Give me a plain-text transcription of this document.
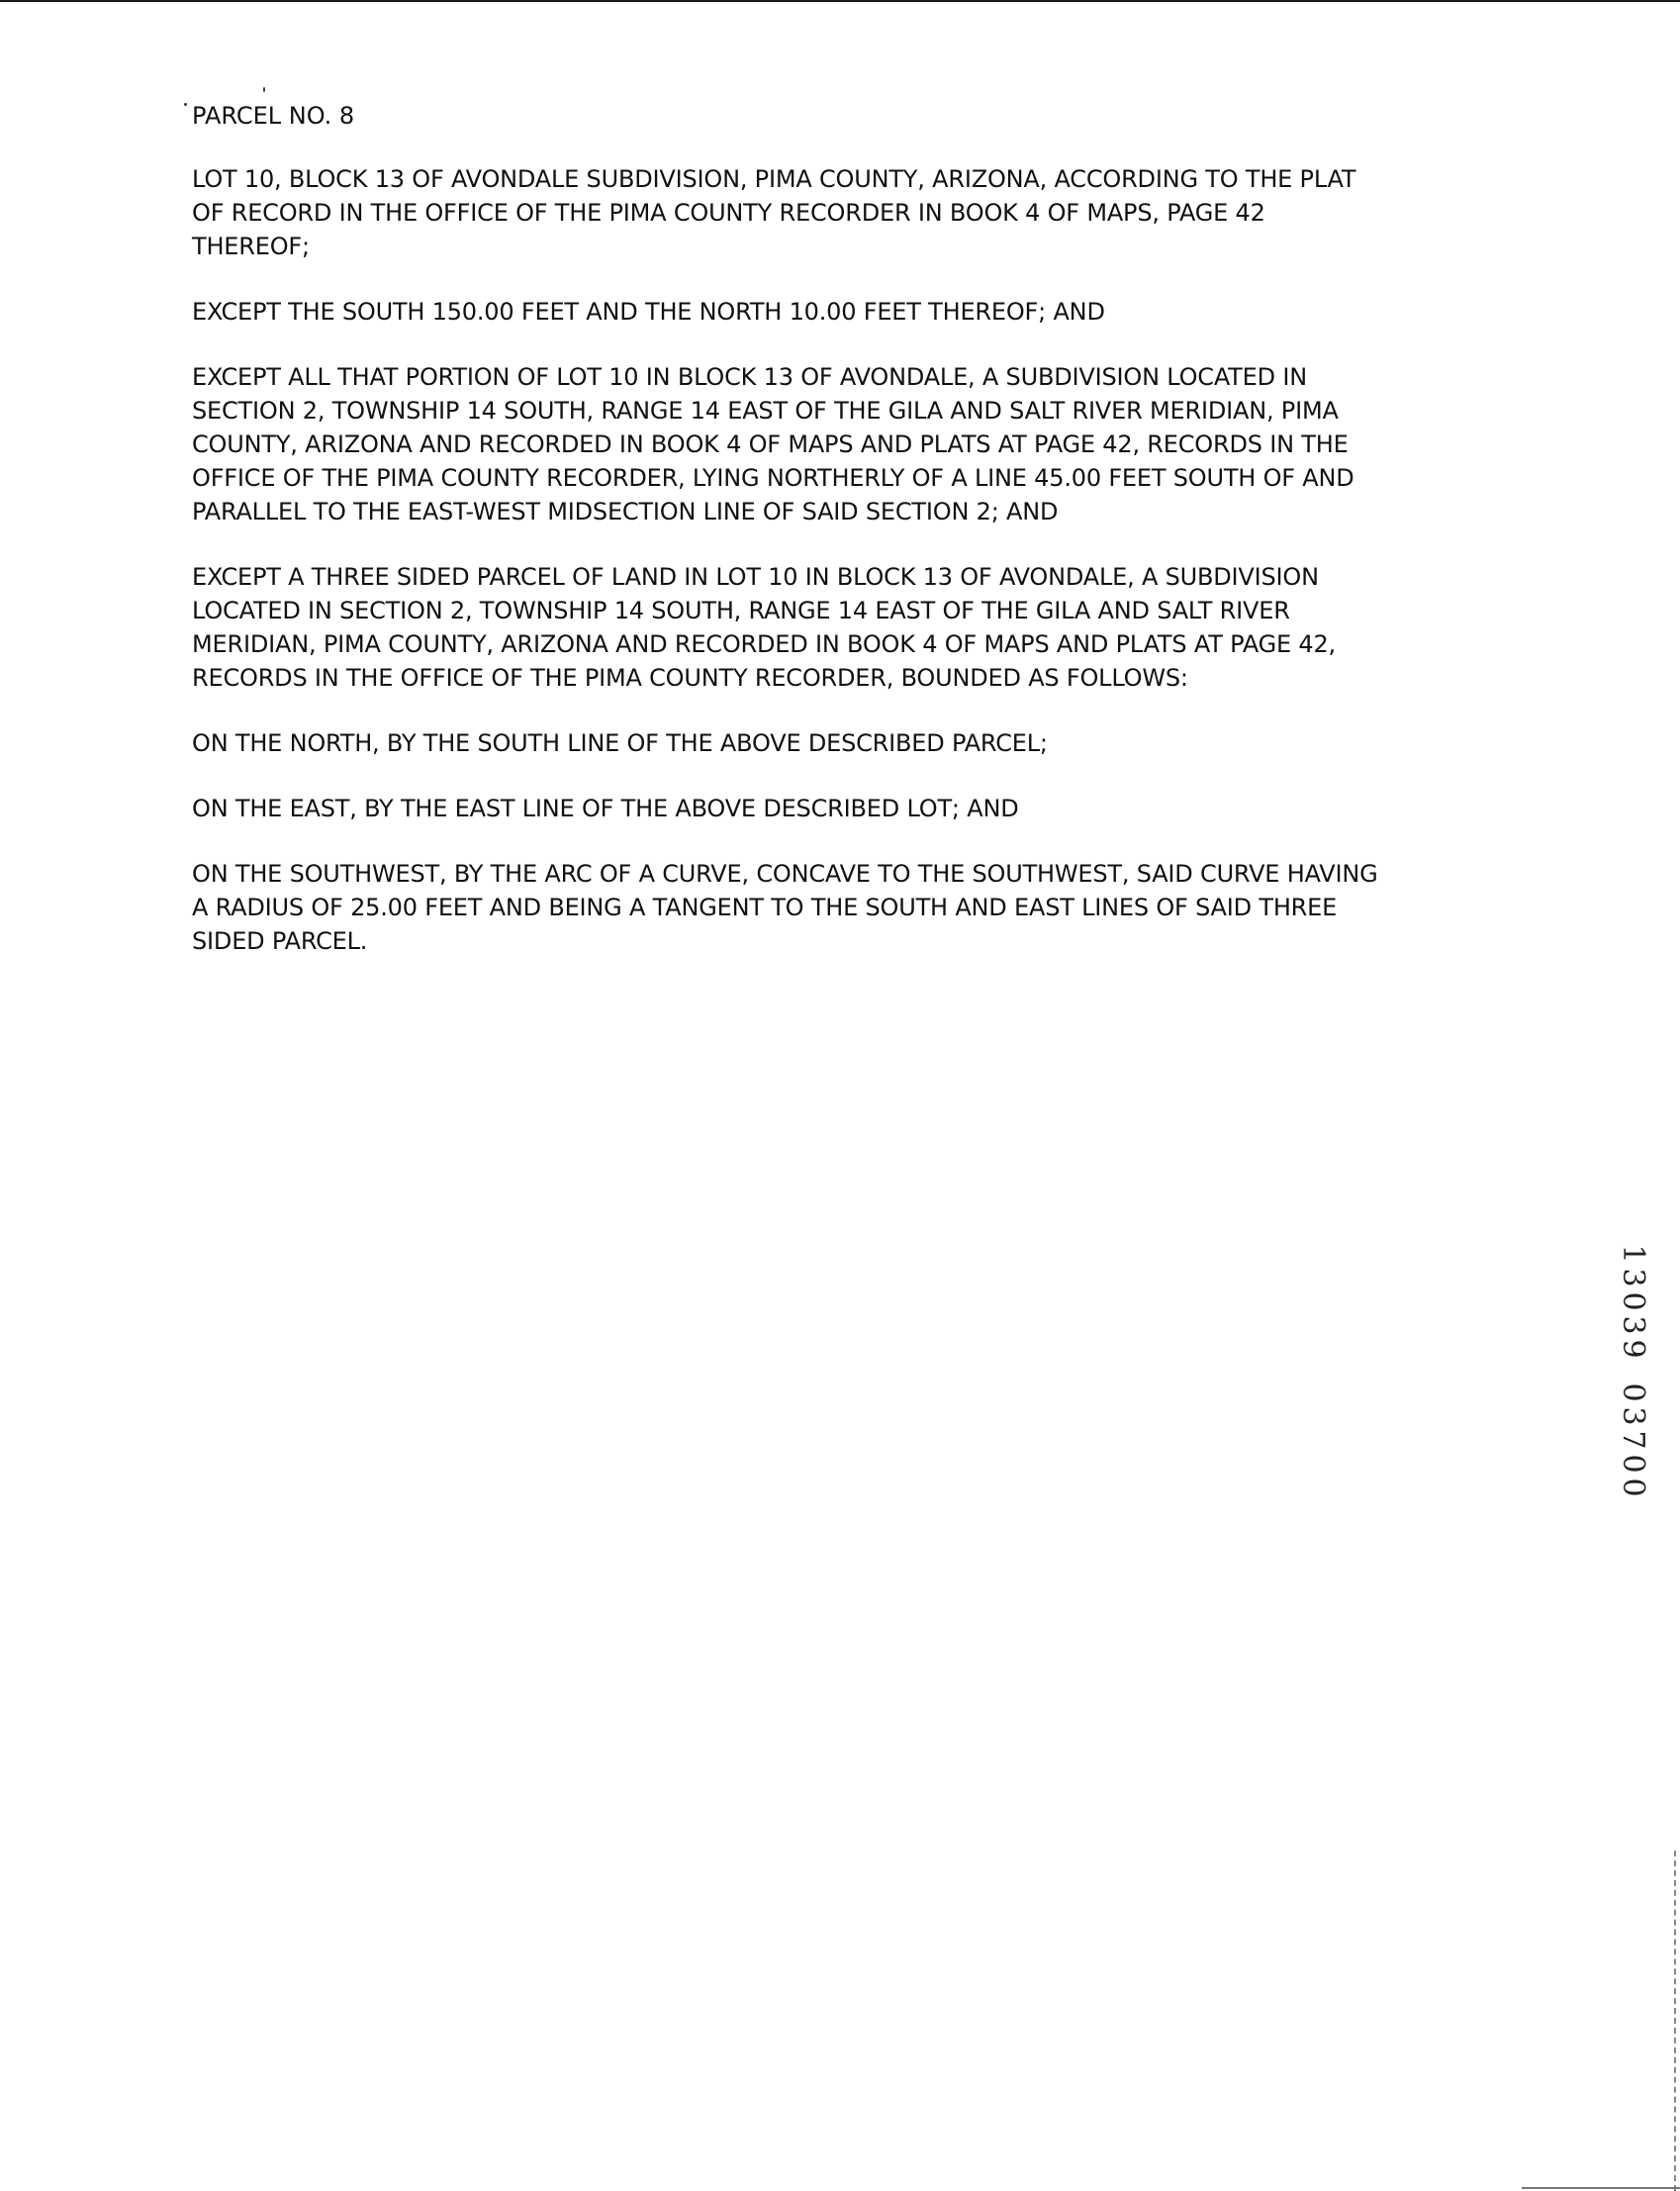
PARCEL NO. 8
LOT 10, BLOCK 13 OF AVONDALE SUBDIVISION, PIMA COUNTY, ARIZONA, ACCORDING TO THE PLAT
OF RECORD IN THE OFFICE OF THE PIMA COUNTY RECORDER IN BOOK 4 OF MAPS, PAGE 42
THEREOF;
EXCEPT THE SOUTH 150.00 FEET AND THE NORTH 10.00 FEET THEREOF; AND
EXCEPT ALL THAT PORTION OF LOT 10 IN BLOCK 13 OF AVONDALE, A SUBDIVISION LOCATED IN
SECTION 2, TOWNSHIP 14 SOUTH, RANGE 14 EAST OF THE GILA AND SALT RIVER MERIDIAN, PIMA
COUNTY, ARIZONA AND RECORDED IN BOOK 4 OF MAPS AND PLATS AT PAGE 42, RECORDS IN THE
OFFICE OF THE PIMA COUNTY RECORDER, LYING NORTHERLY OF A LINE 45.00 FEET SOUTH OF AND
PARALLEL TO THE EAST-WEST MIDSECTION LINE OF SAID SECTION 2; AND
EXCEPT A THREE SIDED PARCEL OF LAND IN LOT 10 IN BLOCK 13 OF AVONDALE, A SUBDIVISION
LOCATED IN SECTION 2, TOWNSHIP 14 SOUTH, RANGE 14 EAST OF THE GILA AND SALT RIVER
MERIDIAN, PIMA COUNTY, ARIZONA AND RECORDED IN BOOK 4 OF MAPS AND PLATS AT PAGE 42,
RECORDS IN THE OFFICE OF THE PIMA COUNTY RECORDER, BOUNDED AS FOLLOWS:
ON THE NORTH, BY THE SOUTH LINE OF THE ABOVE DESCRIBED PARCEL;
ON THE EAST, BY THE EAST LINE OF THE ABOVE DESCRIBED LOT; AND
ON THE SOUTHWEST, BY THE ARC OF A CURVE, CONCAVE TO THE SOUTHWEST, SAID CURVE HAVING
A RADIUS OF 25.00 FEET AND BEING A TANGENT TO THE SOUTH AND EAST LINES OF SAID THREE
SIDED PARCEL.
1
3
0
3
9
0
3
7
0
0
